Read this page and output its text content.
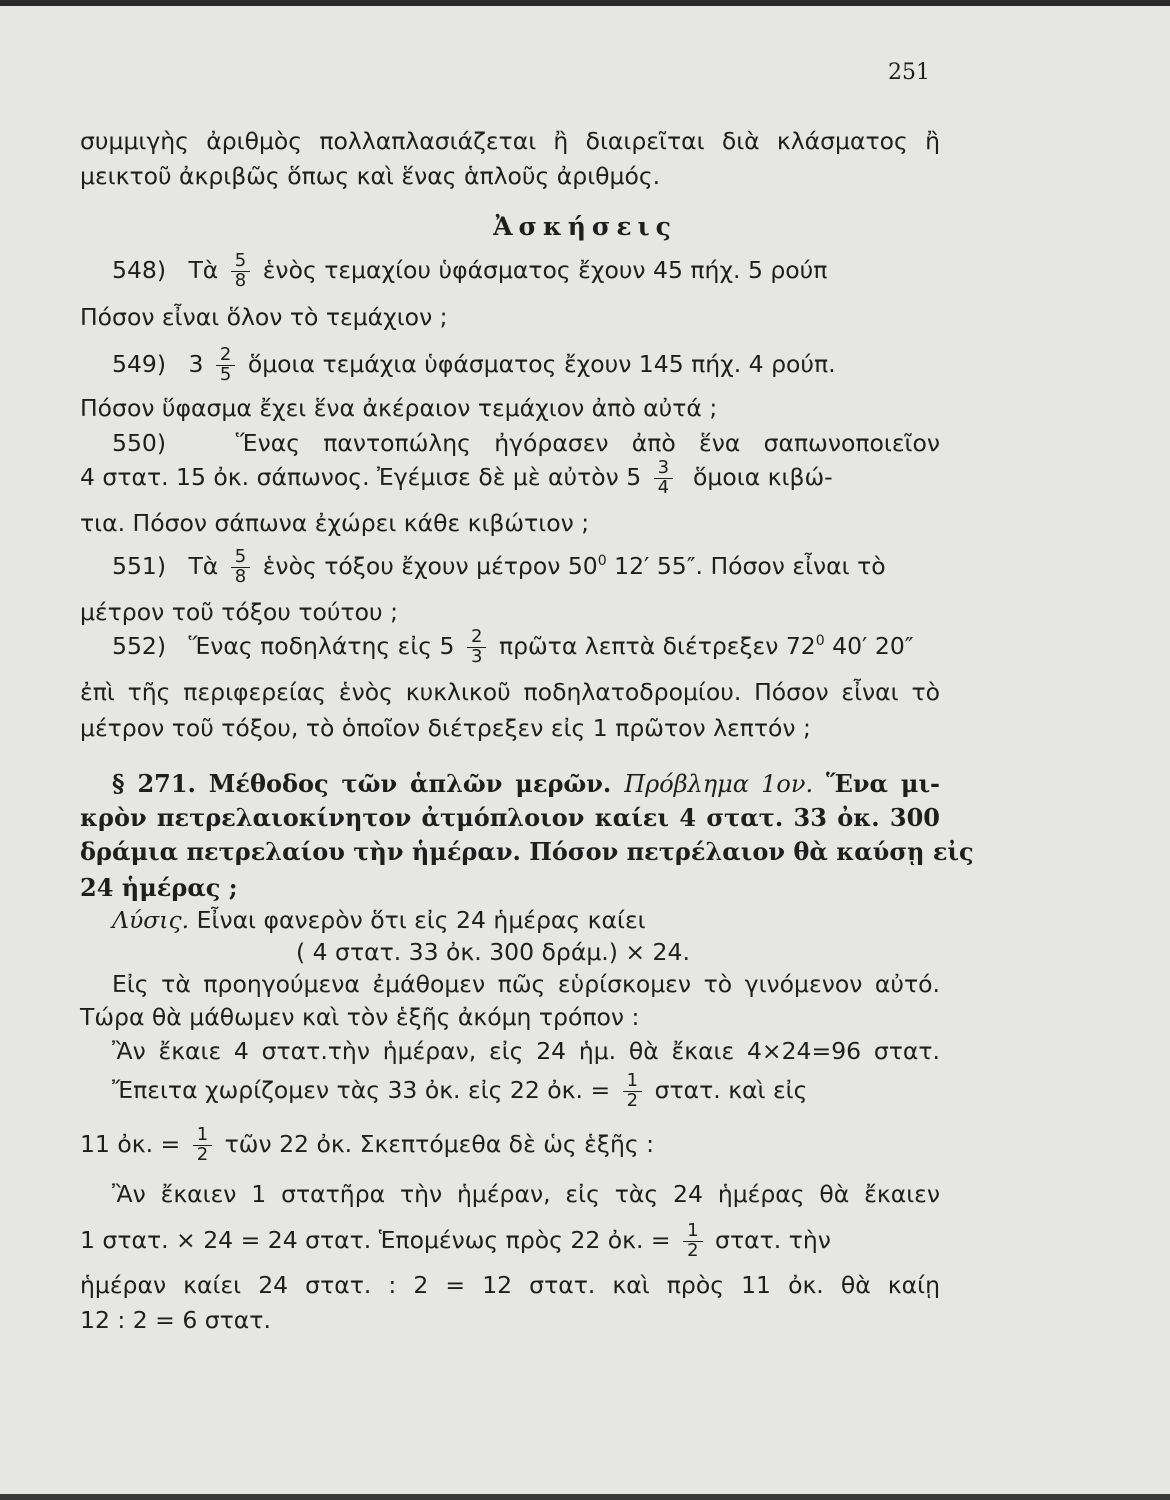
251
συμμιγὴς ἀριθμὸς πολλαπλασιάζεται ἢ διαιρεῖται διὰ κλάσματος ἢ
μεικτοῦ ἀκριβῶς ὅπως καὶ ἕνας ἁπλοῦς ἀριθμός.
Ἀσκήσεις
548) Τὰ $\frac{5}{8}$ ἑνὸς τεμαχίου ὑφάσματος ἔχουν 45 πήχ. 5 ρούπ
Πόσον εἶναι ὅλον τὸ τεμάχιον ;
549) $3 \frac{2}{5}$ ὅμοια τεμάχια ὑφάσματος ἔχουν 145 πήχ. 4 ρούπ.
Πόσον ὕφασμα ἔχει ἕνα ἀκέραιον τεμάχιον ἀπὸ αὐτά ;
550)	Ἕνας παντοπώλης ἠγόρασεν ἀπὸ ἕνα σαπωνοποιεῖον
4 στατ. 15 ὀκ. σάπωνος. Ἐγέμισε δὲ μὲ αὐτὸν $5 \frac{3}{4}$ ὅμοια κιβώ-
τια. Πόσον σάπωνα ἐχώρει κάθε κιβώτιον ;
551) Τὰ $\frac{5}{8}$ ἑνὸς τόξου ἔχουν μέτρον $50^0$ 12′ 55″. Πόσον εἶναι τὸ
μέτρον τοῦ τόξου τούτου ;
552) Ἕνας ποδηλάτης εἰς $5 \frac{2}{3}$ πρῶτα λεπτὰ διέτρεξεν $72^0$ 40′ 20″
ἐπὶ τῆς περιφερείας ἑνὸς κυκλικοῦ ποδηλατοδρομίου. Πόσον εἶναι τὸ
μέτρον τοῦ τόξου, τὸ ὁποῖον διέτρεξεν εἰς 1 πρῶτον λεπτόν ;
§ 271. Μέθοδος τῶν ἁπλῶν μερῶν. Πρόβλημα 1ον. Ἕνα μι-
κρὸν πετρελαιοκίνητον ἀτμόπλοιον καίει 4 στατ. 33 ὀκ. 300
δράμια πετρελαίου τὴν ἡμέραν. Πόσον πετρέλαιον θὰ καύσῃ εἰς
24 ἡμέρας ;
Λύσις. Εἶναι φανερὸν ὅτι εἰς 24 ἡμέρας καίει
( 4 στατ. 33 ὀκ. 300 δράμ.) × 24.
Εἰς τὰ προηγούμενα ἐμάθομεν πῶς εὑρίσκομεν τὸ γινόμενον αὐτό.
Τώρα θὰ μάθωμεν καὶ τὸν ἑξῆς ἀκόμη τρόπον :
Ἂν ἔκαιε 4 στατ.τὴν ἡμέραν, εἰς 24 ἡμ. θὰ ἔκαιε 4×24=96 στατ.
Ἔπειτα χωρίζομεν τὰς 33 ὀκ. εἰς 22 ὀκ. = $\frac{1}{2} \sigma\tau\alpha\tau$. καὶ εἰς
11 ὀκ. = $\frac{1}{2}$ τῶν 22 ὀκ. Σκεπτόμεθα δὲ ὡς ἑξῆς :
Ἂν ἔκαιεν 1 στατῆρα τὴν ἡμέραν, εἰς τὰς 24 ἡμέρας θὰ ἔκαιεν
1 στατ. × 24 = 24 στατ. Ἑπομένως πρὸς 22 ὀκ. = $\frac{1}{2} \sigma\tau\alpha\tau$. τὴν
ἡμέραν καίει 24 στατ. : 2 = 12 στατ. καὶ πρὸς 11 ὀκ. θὰ καίῃ
12 : 2 = 6 στατ.
